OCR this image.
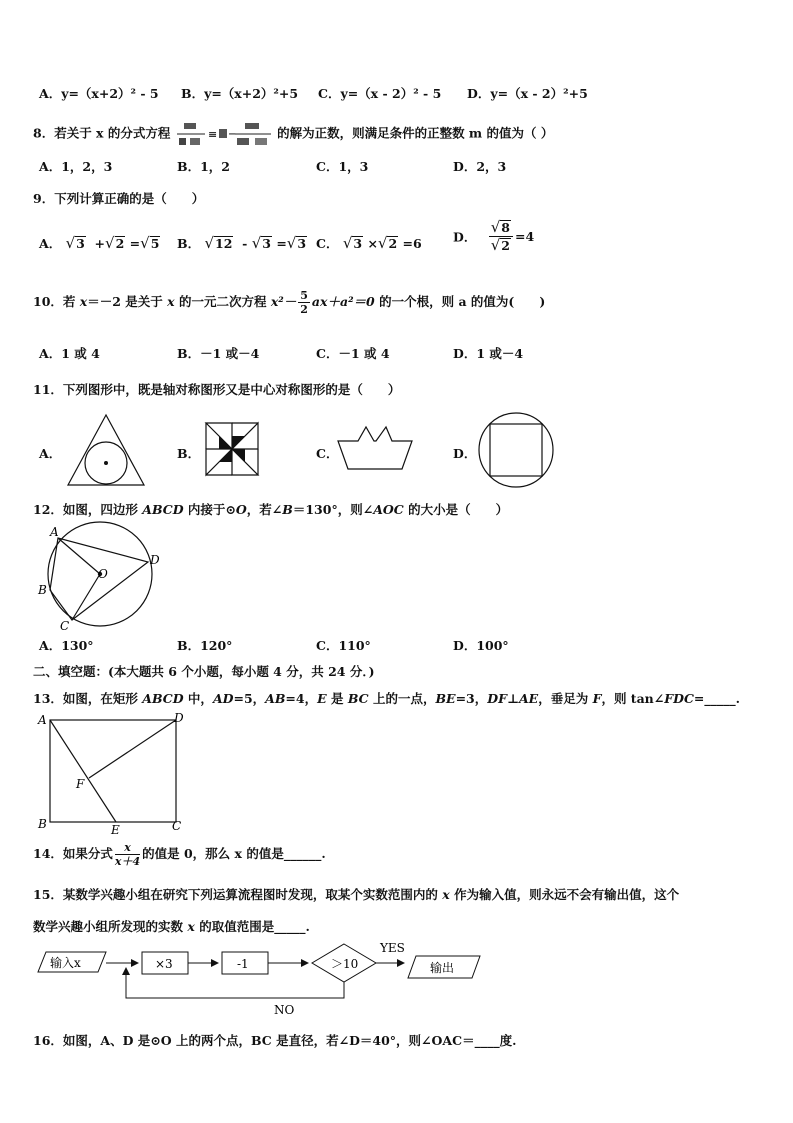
A．y=（x+2）² - 5 B．y=（x+2）²+5 C．y=（x - 2）² - 5 D．y=（x - 2）²+5
8．若关于 x 的分式方程	≡ −	的解为正数，则满足条件的正整数 m 的值为（ ）
A．1，2，3	B．1，2	C．1，3	D．2，3
9．下列计算正确的是（　　）
A． √3 +√2 =√5 B． √12 - √3 =√3 C． √3 ×√2 =6	D． $\frac{√8}{√2} =4$
10．若 x＝－2 是关于 x 的一元二次方程 $x^2- \frac{5}{2} ax+a^2=0$ 的一个根，则 a 的值为(　　)
A．1 或 4	B．－1 或－4	C．－1 或 4	D．1 或－4
11．下列图形中，既是轴对称图形又是中心对称图形的是（　　）
A．	B．	C．	D．
12．如图，四边形 ABCD 内接于⊙O，若∠B＝130°，则∠AOC 的大小是（　　）
A
B
C
D
O
A．130°	B．120°	C．110°	D．100°
二、填空题：(本大题共 6 个小题，每小题 4 分，共 24 分．)
13．如图，在矩形 ABCD 中，AD=5，AB=4，E 是 BC 上的一点，BE=3，DF⊥AE，垂足为 F，则 tan∠FDC=_____.
A	D
F
B	E	C
14．如果分式 $\frac{x}{x+4}$ 的值是 0，那么 x 的值是______.
15．某数学兴趣小组在研究下列运算流程图时发现，取某个实数范围内的 x 作为输入值，则永远不会有输出值，这个
数学兴趣小组所发现的实数 x 的取值范围是_____.
输入x	×3	-1	＞10
YES
输出
NO
16．如图，A、D 是⊙O 上的两个点，BC 是直径，若∠D＝40°，则∠OAC＝____度.
